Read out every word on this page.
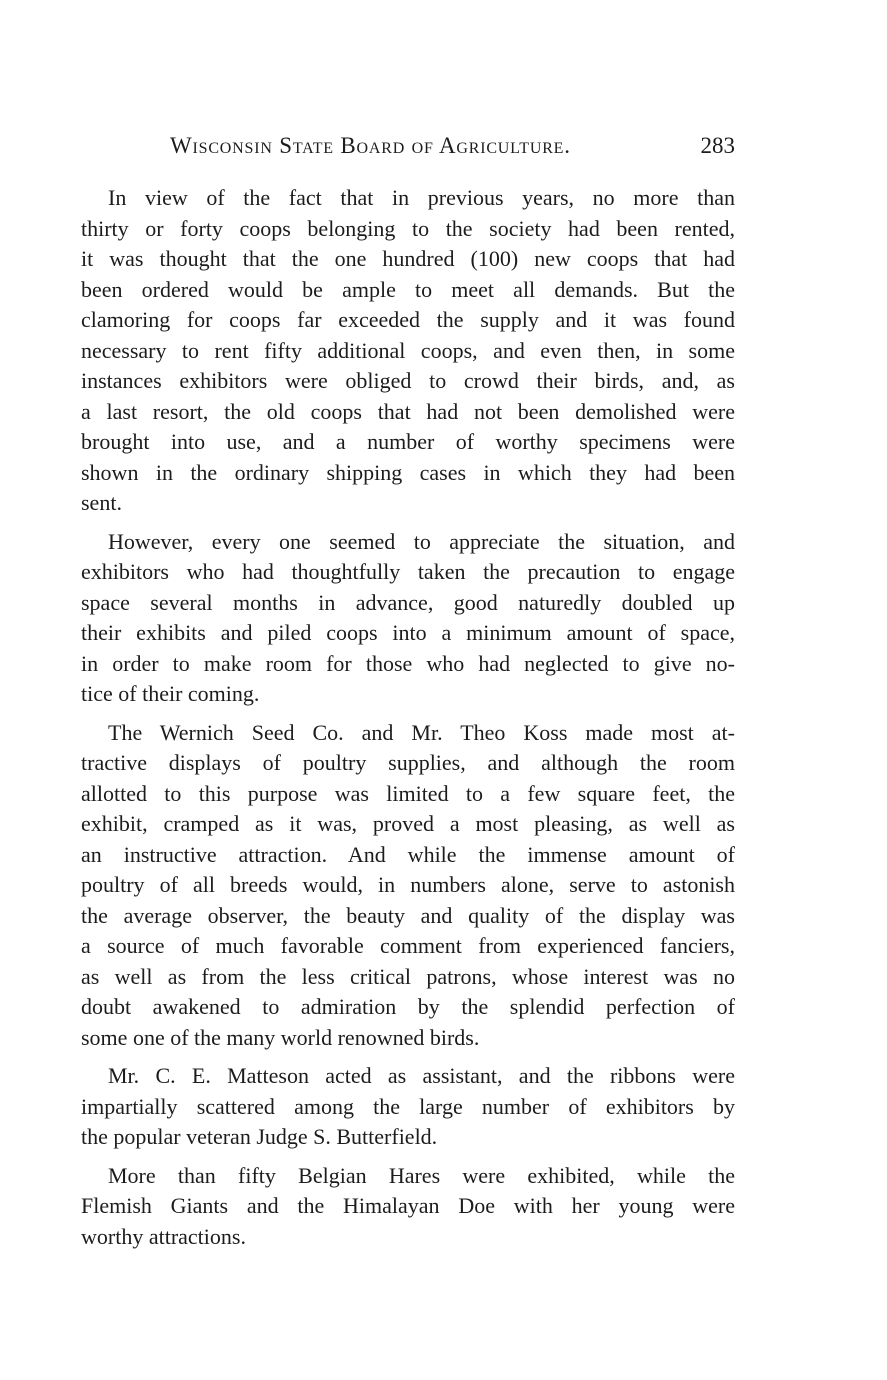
Wisconsin State Board of Agriculture.	283
In view of the fact that in previous years, no more than
thirty or forty coops belonging to the society had been rented,
it was thought that the one hundred (100) new coops that had
been ordered would be ample to meet all demands. But the
clamoring for coops far exceeded the supply and it was found
necessary to rent fifty additional coops, and even then, in some
instances exhibitors were obliged to crowd their birds, and, as
a last resort, the old coops that had not been demolished were
brought into use, and a number of worthy specimens were
shown in the ordinary shipping cases in which they had been
sent.
However, every one seemed to appreciate the situation, and
exhibitors who had thoughtfully taken the precaution to engage
space several months in advance, good naturedly doubled up
their exhibits and piled coops into a minimum amount of space,
in order to make room for those who had neglected to give no-
tice of their coming.
The Wernich Seed Co. and Mr. Theo Koss made most at-
tractive displays of poultry supplies, and although the room
allotted to this purpose was limited to a few square feet, the
exhibit, cramped as it was, proved a most pleasing, as well as
an instructive attraction. And while the immense amount of
poultry of all breeds would, in numbers alone, serve to astonish
the average observer, the beauty and quality of the display was
a source of much favorable comment from experienced fanciers,
as well as from the less critical patrons, whose interest was no
doubt awakened to admiration by the splendid perfection of
some one of the many world renowned birds.
Mr. C. E. Matteson acted as assistant, and the ribbons were
impartially scattered among the large number of exhibitors by
the popular veteran Judge S. Butterfield.
More than fifty Belgian Hares were exhibited, while the
Flemish Giants and the Himalayan Doe with her young were
worthy attractions.
